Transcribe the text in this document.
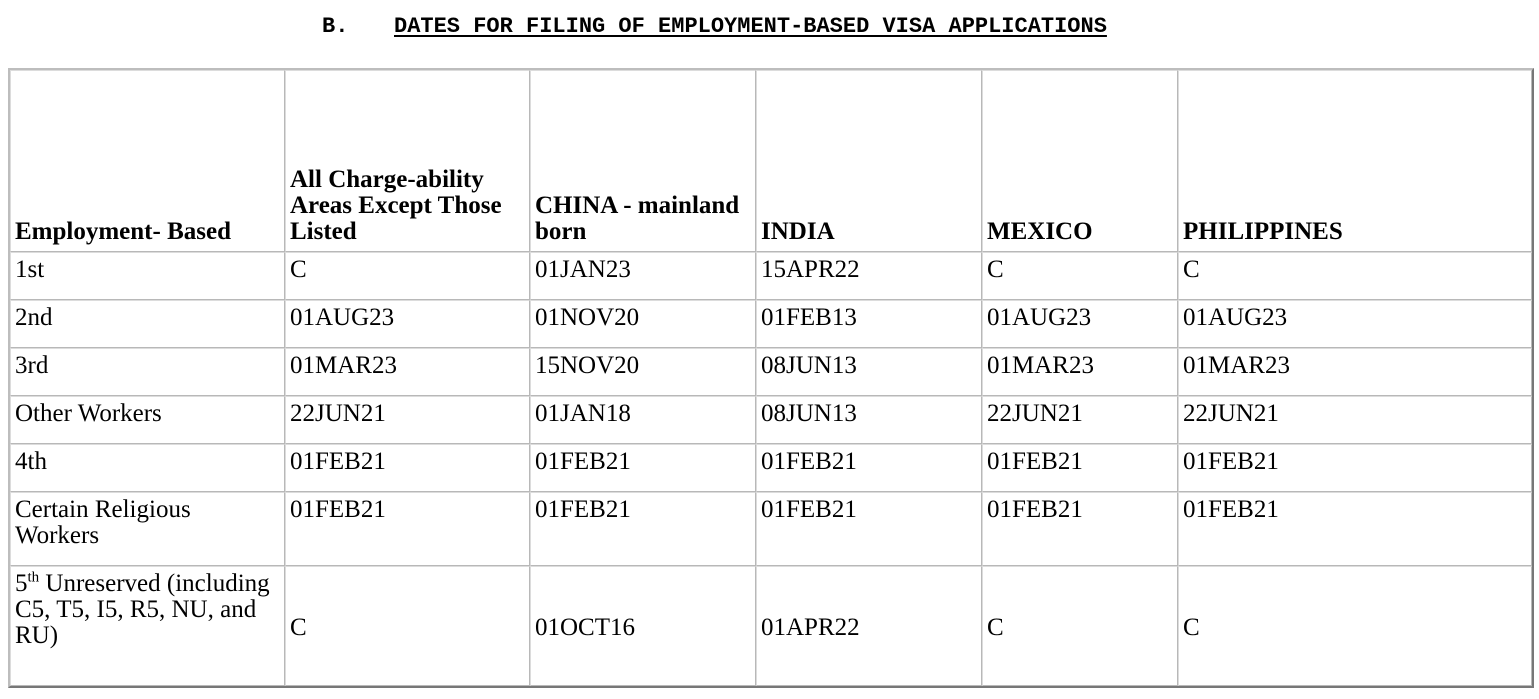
B. DATES FOR FILING OF EMPLOYMENT-BASED VISA APPLICATIONS
Employment- Based	All Charge-ability Areas Except Those Listed	CHINA - mainland born	INDIA	MEXICO	PHILIPPINES
1st	C	01JAN23	15APR22	C	C
2nd	01AUG23	01NOV20	01FEB13	01AUG23	01AUG23
3rd	01MAR23	15NOV20	08JUN13	01MAR23	01MAR23
Other Workers	22JUN21	01JAN18	08JUN13	22JUN21	22JUN21
4th	01FEB21	01FEB21	01FEB21	01FEB21	01FEB21
Certain Religious Workers	01FEB21	01FEB21	01FEB21	01FEB21	01FEB21
5th Unreserved (including C5, T5, I5, R5, NU, and RU)	C	01OCT16	01APR22	C	C
